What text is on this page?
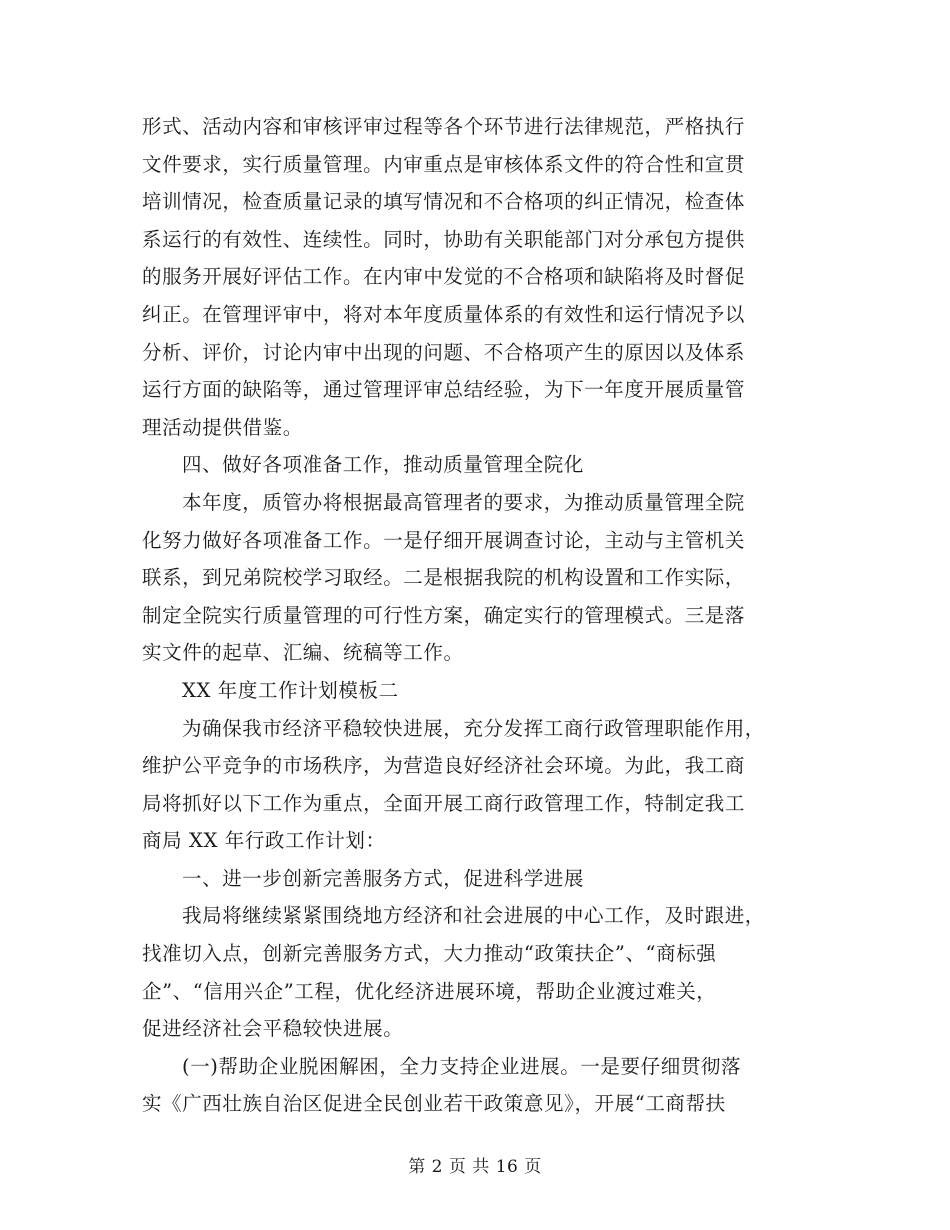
形式、活动内容和审核评审过程等各个环节进行法律规范，严格执行
文件要求，实行质量管理。内审重点是审核体系文件的符合性和宣贯
培训情况，检查质量记录的填写情况和不合格项的纠正情况，检查体
系运行的有效性、连续性。同时，协助有关职能部门对分承包方提供
的服务开展好评估工作。在内审中发觉的不合格项和缺陷将及时督促
纠正。在管理评审中，将对本年度质量体系的有效性和运行情况予以
分析、评价，讨论内审中出现的问题、不合格项产生的原因以及体系
运行方面的缺陷等，通过管理评审总结经验，为下一年度开展质量管
理活动提供借鉴。
四、做好各项准备工作，推动质量管理全院化
本年度，质管办将根据最高管理者的要求，为推动质量管理全院
化努力做好各项准备工作。一是仔细开展调查讨论，主动与主管机关
联系，到兄弟院校学习取经。二是根据我院的机构设置和工作实际，
制定全院实行质量管理的可行性方案，确定实行的管理模式。三是落
实文件的起草、汇编、统稿等工作。
XX 年度工作计划模板二
为确保我市经济平稳较快进展，充分发挥工商行政管理职能作用，
维护公平竞争的市场秩序，为营造良好经济社会环境。为此，我工商
局将抓好以下工作为重点，全面开展工商行政管理工作，特制定我工
商局 XX 年行政工作计划：
一、进一步创新完善服务方式，促进科学进展
我局将继续紧紧围绕地方经济和社会进展的中心工作，及时跟进，
找准切入点，创新完善服务方式，大力推动“政策扶企”、“商标强
企”、“信用兴企”工程，优化经济进展环境，帮助企业渡过难关，
促进经济社会平稳较快进展。
(一)帮助企业脱困解困，全力支持企业进展。一是要仔细贯彻落
实《广西壮族自治区促进全民创业若干政策意见》，开展“工商帮扶
第 2 页 共 16 页
